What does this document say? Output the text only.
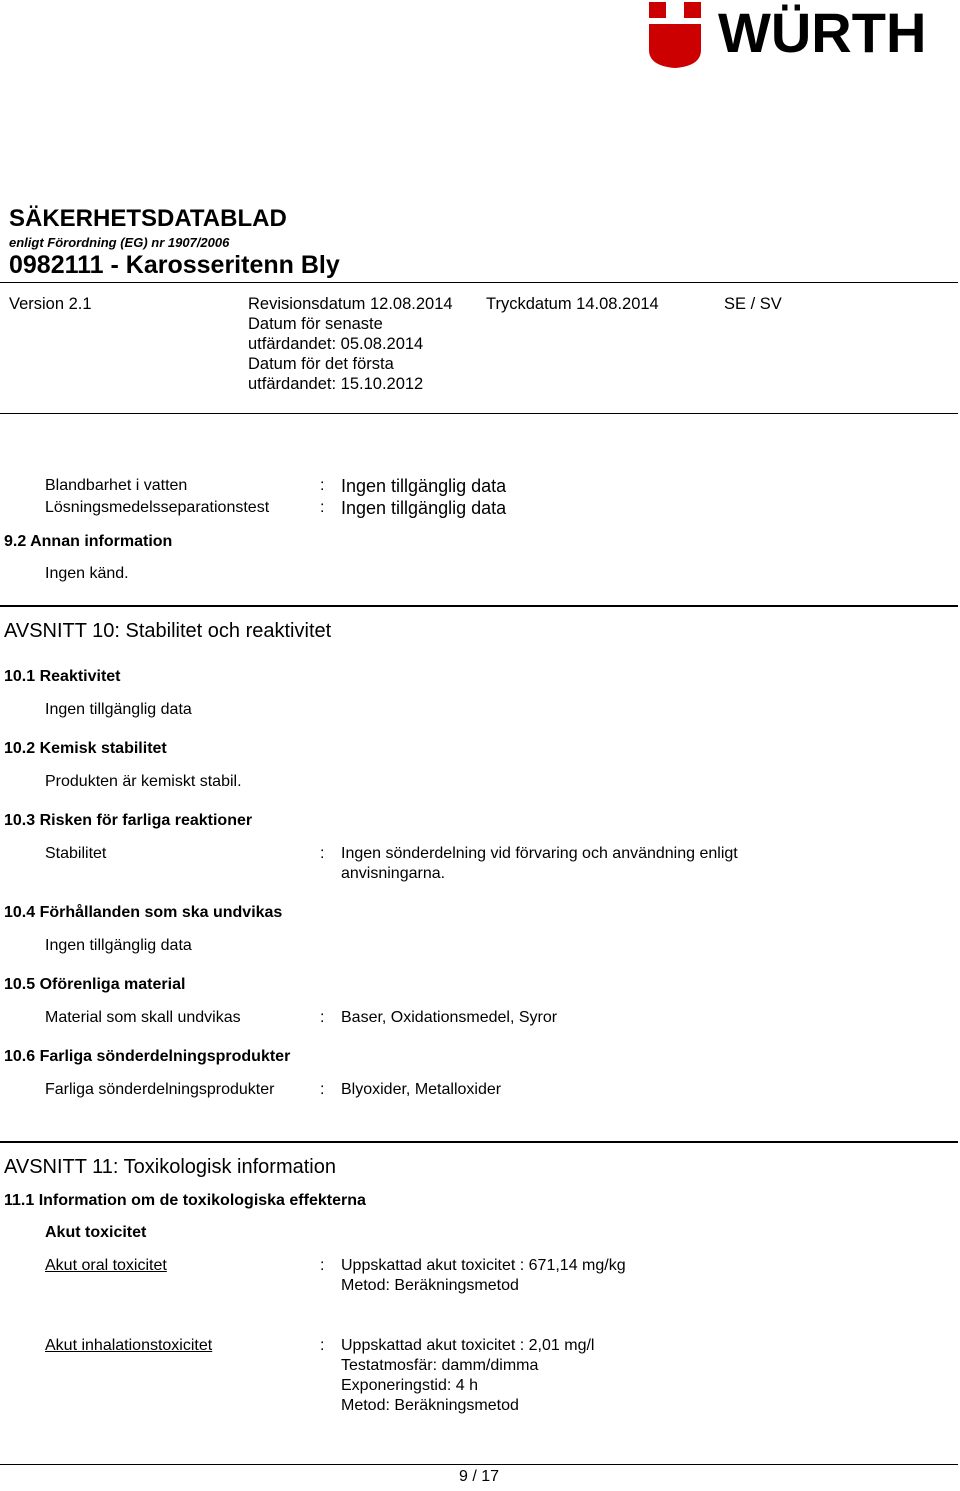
WÜRTH
SÄKERHETSDATABLAD
enligt Förordning (EG) nr 1907/2006
0982111 - Karosseritenn Bly
Version 2.1	Revisionsdatum 12.08.2014
Datum för senaste
utfärdandet: 05.08.2014
Datum för det första
utfärdandet: 15.10.2012
Tryckdatum 14.08.2014	SE / SV
Blandbarhet i vatten	: Ingen tillgänglig data
Lösningsmedelsseparationstest	: Ingen tillgänglig data
9.2 Annan information
Ingen känd.
AVSNITT 10: Stabilitet och reaktivitet
10.1 Reaktivitet
Ingen tillgänglig data
10.2 Kemisk stabilitet
Produkten är kemiskt stabil.
10.3 Risken för farliga reaktioner
Stabilitet	: Ingen sönderdelning vid förvaring och användning enligt
anvisningarna.
10.4 Förhållanden som ska undvikas
Ingen tillgänglig data
10.5 Oförenliga material
Material som skall undvikas	: Baser, Oxidationsmedel, Syror
10.6 Farliga sönderdelningsprodukter
Farliga sönderdelningsprodukter	: Blyoxider, Metalloxider
AVSNITT 11: Toxikologisk information
11.1 Information om de toxikologiska effekterna
Akut toxicitet
Akut oral toxicitet	: Uppskattad akut toxicitet : 671,14 mg/kg
Metod: Beräkningsmetod
Akut inhalationstoxicitet	: Uppskattad akut toxicitet : 2,01 mg/l
Testatmosfär: damm/dimma
Exponeringstid: 4 h
Metod: Beräkningsmetod
9 / 17
